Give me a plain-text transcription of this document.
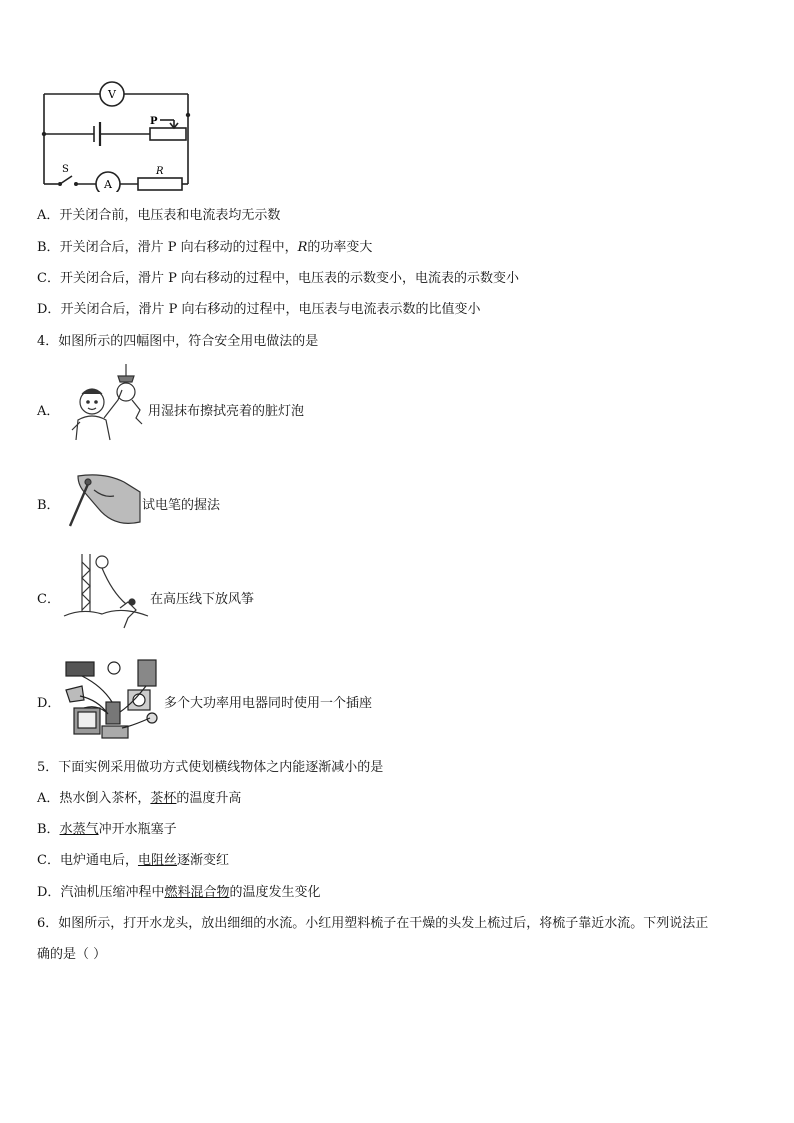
V
A
P
S	R
A．开关闭合前，电压表和电流表均无示数
B．开关闭合后，滑片 P 向右移动的过程中，R的功率变大
C．开关闭合后，滑片 P 向右移动的过程中，电压表的示数变小，电流表的示数变小
D．开关闭合后，滑片 P 向右移动的过程中，电压表与电流表示数的比值变小
4．如图所示的四幅图中，符合安全用电做法的是
A．	用湿抹布擦拭亮着的脏灯泡
B．	试电笔的握法
C．	在高压线下放风筝
D．	多个大功率用电器同时使用一个插座
5．下面实例采用做功方式使划横线物体之内能逐渐减小的是
A．热水倒入茶杯，茶杯的温度升高
B．水蒸气冲开水瓶塞子
C．电炉通电后，电阻丝逐渐变红
D．汽油机压缩冲程中燃料混合物的温度发生变化
6．如图所示，打开水龙头，放出细细的水流。小红用塑料梳子在干燥的头发上梳过后，将梳子靠近水流。下列说法正
确的是（ ）
